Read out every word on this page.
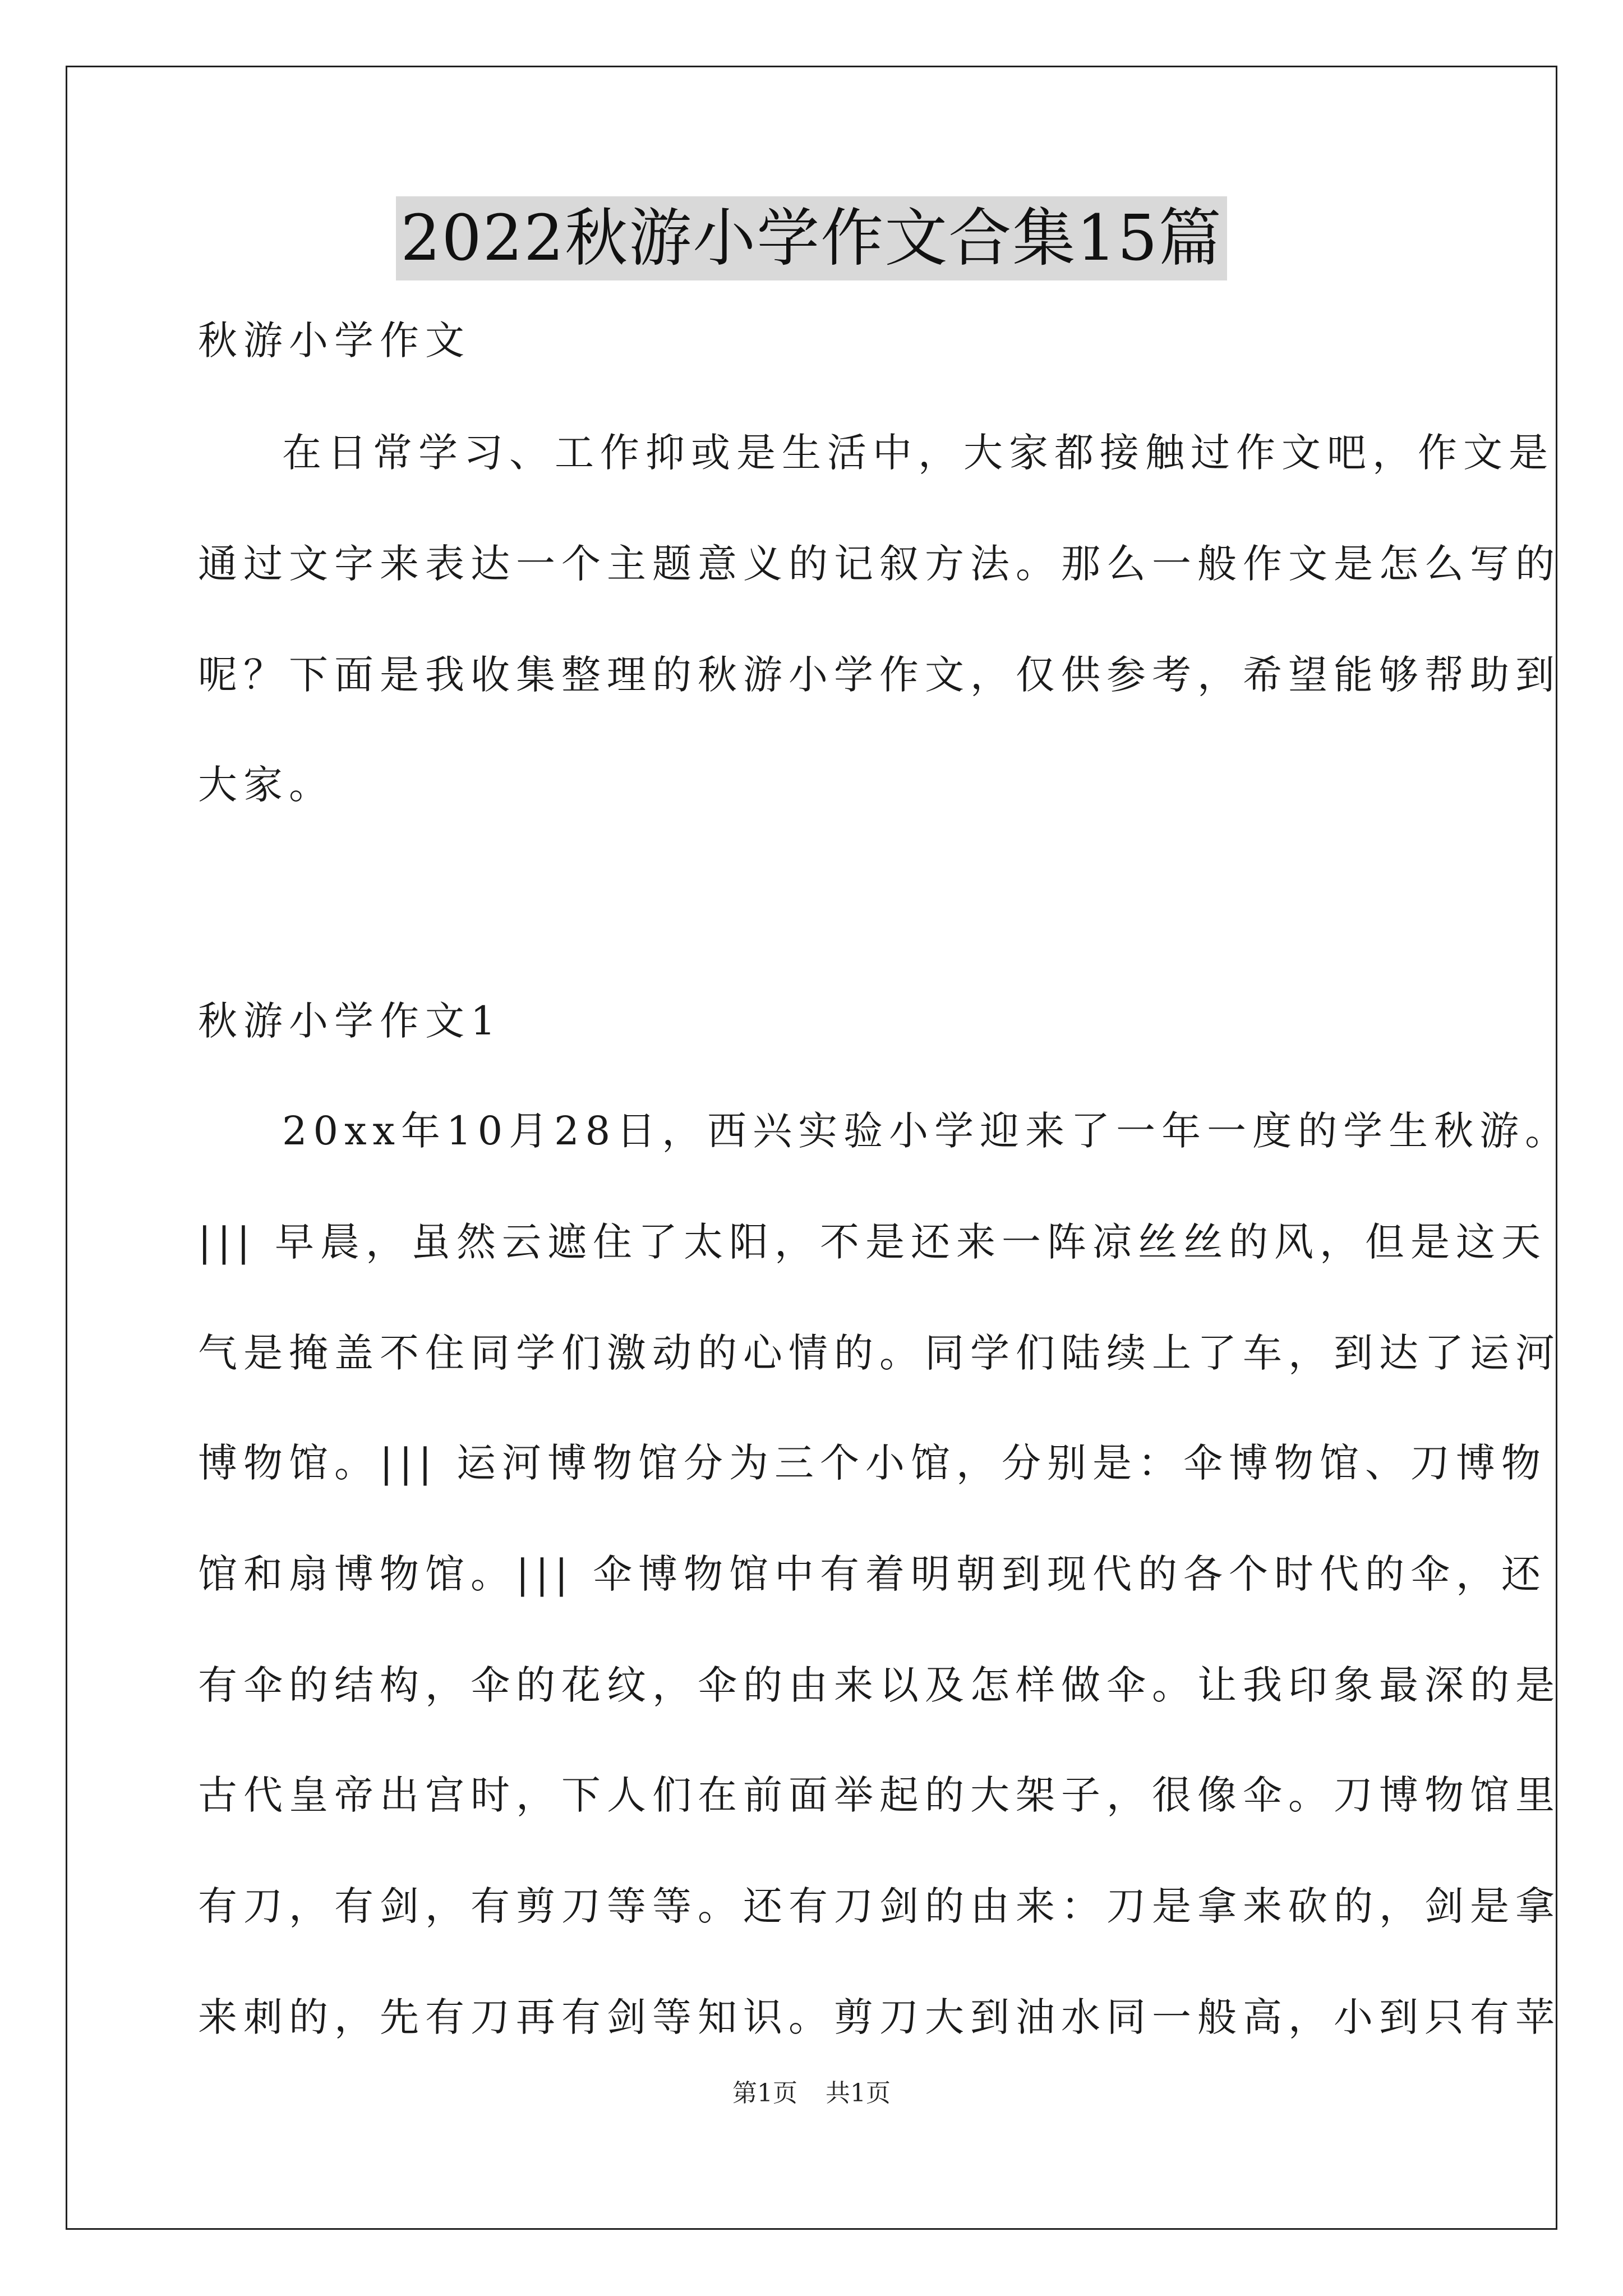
2022秋游小学作文合集15篇
秋游小学作文
在日常学习、工作抑或是生活中，大家都接触过作文吧，作文是
通过文字来表达一个主题意义的记叙方法。那么一般作文是怎么写的
呢？下面是我收集整理的秋游小学作文，仅供参考，希望能够帮助到
大家。
秋游小学作文1
20xx年10月28日，西兴实验小学迎来了一年一度的学生秋游。
||| 早晨，虽然云遮住了太阳，不是还来一阵凉丝丝的风，但是这天
气是掩盖不住同学们激动的心情的。同学们陆续上了车，到达了运河
博物馆。||| 运河博物馆分为三个小馆，分别是：伞博物馆、刀博物
馆和扇博物馆。||| 伞博物馆中有着明朝到现代的各个时代的伞，还
有伞的结构，伞的花纹，伞的由来以及怎样做伞。让我印象最深的是
古代皇帝出宫时，下人们在前面举起的大架子，很像伞。刀博物馆里
有刀，有剑，有剪刀等等。还有刀剑的由来：刀是拿来砍的，剑是拿
来刺的，先有刀再有剑等知识。剪刀大到油水同一般高，小到只有苹
第1页 共1页
